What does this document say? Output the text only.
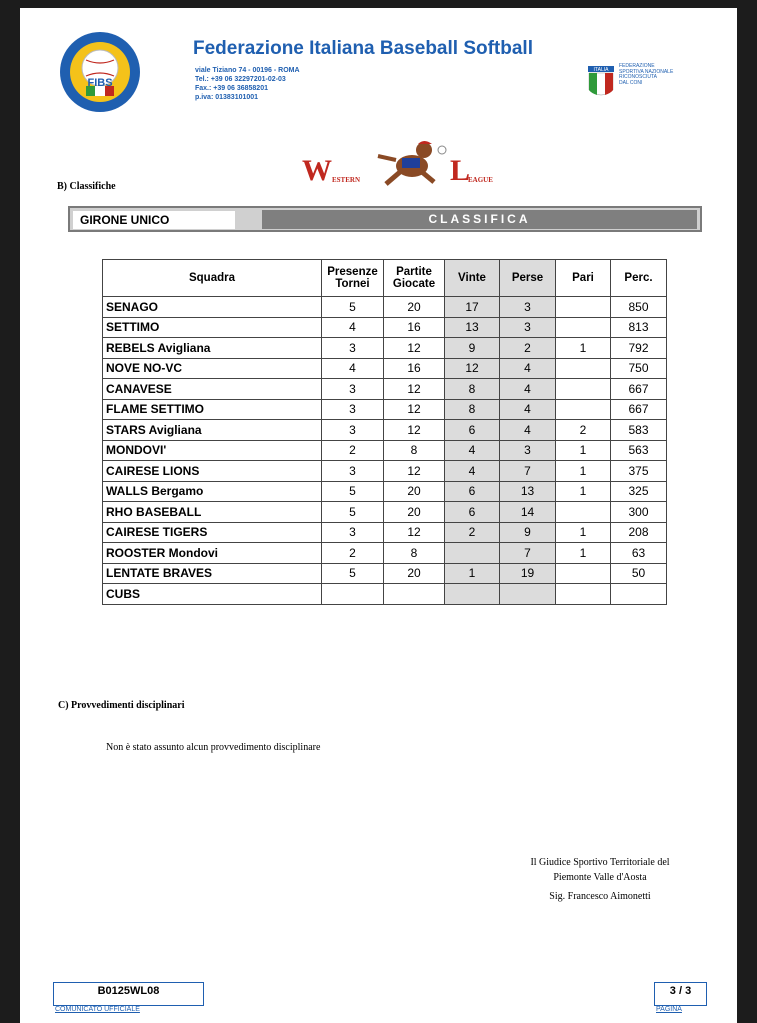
FIBS
Federazione Italiana Baseball Softball
viale Tiziano 74 - 00196 - ROMA
Tel.: +39 06 32297201-02-03
Fax.: +39 06 36858201
p.iva: 01383101001
ITALIA
FEDERAZIONE
SPORTIVA NAZIONALE
RICONOSCIUTA
DAL CONI
B) Classifiche	W ESTERN	L
EAGUE
GIRONE UNICO	CLASSIFICA
Squadra	Presenze Tornei	Partite Giocate	Vinte	Perse	Pari	Perc.
SENAGO	5	20	17	3		850
SETTIMO	4	16	13	3		813
REBELS Avigliana	3	12	9	2	1	792
NOVE NO-VC	4	16	12	4		750
CANAVESE	3	12	8	4		667
FLAME SETTIMO	3	12	8	4		667
STARS Avigliana	3	12	6	4	2	583
MONDOVI'	2	8	4	3	1	563
CAIRESE LIONS	3	12	4	7	1	375
WALLS Bergamo	5	20	6	13	1	325
RHO BASEBALL	5	20	6	14		300
CAIRESE TIGERS	3	12	2	9	1	208
ROOSTER Mondovi	2	8		7	1	63
LENTATE BRAVES	5	20	1	19		50
CUBS						
C) Provvedimenti disciplinari
Non è stato assunto alcun provvedimento disciplinare
Il Giudice Sportivo Territoriale del
Piemonte Valle d'Aosta
Sig. Francesco Aimonetti
B0125WL08
COMUNICATO UFFICIALE
3 / 3
PAGINA
